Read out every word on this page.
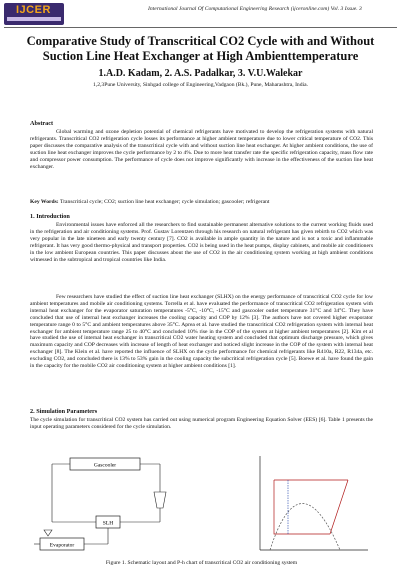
IJCER	International Journal Of Computational Engineering Research (ijceronline.com) Vol. 3 Issue. 3
Comparative Study of Transcritical CO2 Cycle with and Without Suction Line Heat Exchanger at High Ambienttemperature
1.A.D. Kadam, 2. A.S. Padalkar, 3. V.U.Walekar
1,2,3Pune University, Sinhgad college of Engineering,Vadgaon (Bk.), Pune, Maharashtra, India.
Abstract
Global warming and ozone depletion potential of chemical refrigerants have motivated to develop the refrigeration systems with natural refrigerants. Transcritical CO2 refrigeration cycle losses its performance at higher ambient temperature due to lower critical temperature of CO2. This paper discusses the comparative analysis of the transcritical cycle with and without suction line heat exchanger. At higher ambient conditions, the use of suction line heat exchanger improves the cycle performance by 2 to 4%. Due to more heat transfer rate the specific refrigeration capacity, mass flow rate and compressor power consumption. The performance of cycle does not improve significantly with increase in the effectiveness of the suction line heat exchanger.
Key Words: Transcritical cycle; CO2; suction line heat exchanger; cycle simulation; gascooler; refrigerant
1. Introduction
Environmental issues have enforced all the researchers to find sustainable permanent alternative solutions to the current working fluids used in the refrigeration and air conditioning systems. Prof. Gustav Lorentzen through his research on natural refrigerant has given rebirth to CO2 which was very popular in the late nineteen and early twenty century [7]. CO2 is available in ample quantity in the nature and is not a toxic and inflammable refrigerant. It has very good thermo-physical and transport properties. CO2 is being used in the heat pumps, display cabinets, and mobile air conditioners in the low ambient European countries. This paper discusses about the use of CO2 in the air conditioning system working at high ambient conditions witnessed in the subtropical and tropical countries like India.
Few researchers have studied the effect of suction line heat exchanger (SLHX) on the energy performance of transcritical CO2 cycle for low ambient temperatures and mobile air conditioning systems. Torrella et al. have evaluated the performance of transcritical CO2 refrigeration system with internal heat exchanger for the evaporator saturation temperatures -5°C, -10°C, -15°C and gascooler outlet temperature 31°C and 34°C. They have concluded that use of internal heat exchanger increases the cooling capacity and COP by 12% [3]. The authors have not covered higher evaporator temperature range 0 to 5°C and ambient temperatures above 35°C. Aprea et al. have studied the transcritical CO2 refrigeration system with internal heat exchanger for ambient temperature range 25 to 40°C and concluded 10% rise in the COP of the system at higher ambient temperatures [2]. Kim et al have studied the use of internal heat exchanger in transcritical CO2 water heating system and concluded that optimum discharge pressure, which gives maximum capacity and COP decreases with increase of length of heat exchanger and noticed slight increase in the COP of the system with internal heat exchanger [8]. The Klein et al. have reported the influence of SLHX on the cycle performance for chemical refrigerants like R410a, R22, R134a, etc. excluding CO2, and concluded there is 13% to 53% gain in the cooling capacity the subcritical refrigeration cycle [5]. Boewe et al. have found the gain in the capacity for the mobile CO2 air conditioning system at higher ambient conditions [1].
2. Simulation Parameters
The cycle simulation for transcritical CO2 system has carried out using numerical program Engineering Equation Solver (EES) [6]. Table 1 presents the input operating parameters considered for the cycle simulation.
Gascooler
SLH
Evaporator
Figure 1. Schematic layout and P-h chart of transcritical CO2 air conditioning system
